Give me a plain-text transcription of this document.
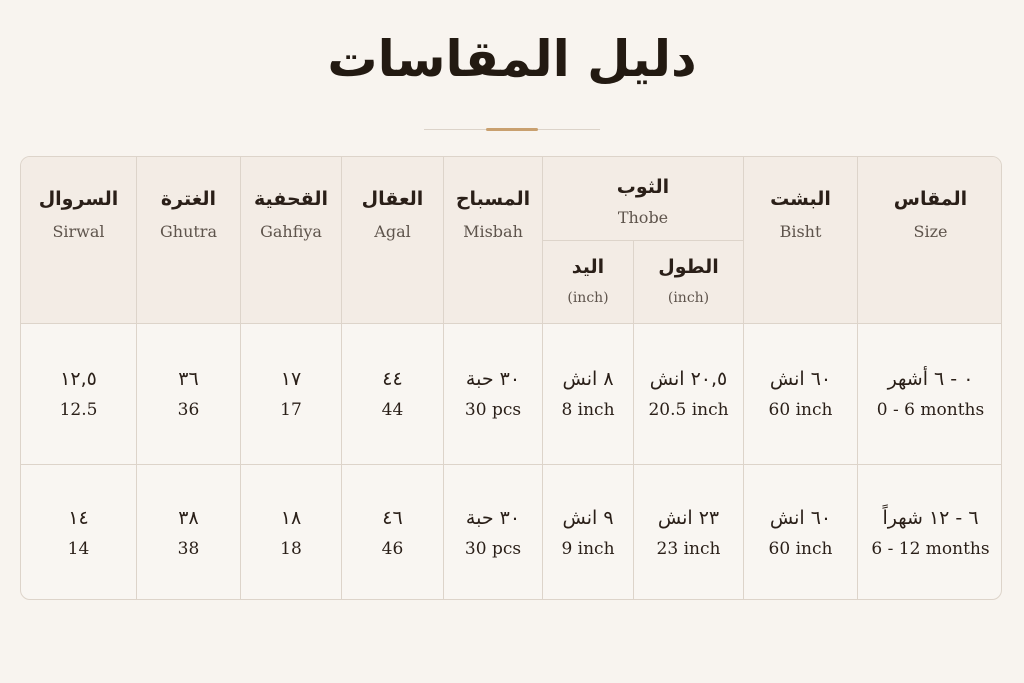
دليل المقاسات
السروال
Sirwal
الغترة
Ghutra
القحفية
Gahfiya
العقال
Agal
المسباح
Misbah
الثوب
Thobe
اليد
(inch)
الطول
(inch)
البشت
Bisht
المقاس
Size
١٢,٥
12.5
٣٦
36
١٧
17
٤٤
44
٣٠ حبة
30 pcs
٨ انش
8 inch
٢٠,٥ انش
20.5 inch
٦٠ انش
60 inch
٠ - ٦ أشهر
0 - 6 months
١٤
14
٣٨
38
١٨
18
٤٦
46
٣٠ حبة
30 pcs
٩ انش
9 inch
٢٣ انش
23 inch
٦٠ انش
60 inch
٦ - ١٢ شهراً
6 - 12 months
